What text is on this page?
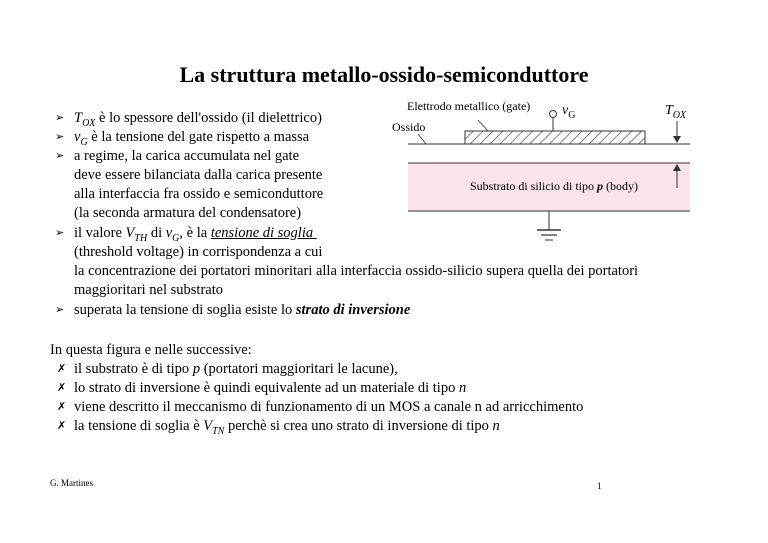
La struttura metallo-ossido-semiconduttore
➢ $T_{OX}$ è lo spessore dell'ossido (il dielettrico)
➢ $v_G$ è la tensione del gate rispetto a massa
➢ a regime, la carica accumulata nel gate
deve essere bilanciata dalla carica presente
alla interfaccia fra ossido e semiconduttore
(la seconda armatura del condensatore)
➢ il valore $V_{TH}$ di $v_G$, è la tensione di soglia
(threshold voltage) in corrispondenza a cui
la concentrazione dei portatori minoritari alla interfaccia ossido-silicio supera quella dei portatori
maggioritari nel substrato
➢ superata la tensione di soglia esiste lo strato di inversione
In questa figura e nelle successive:
✗ il substrato è di tipo p (portatori maggioritari le lacune),
✗ lo strato di inversione è quindi equivalente ad un materiale di tipo n
✗ viene descritto il meccanismo di funzionamento di un MOS a canale n ad arricchimento
✗ la tensione di soglia è $V_{TN}$ perchè si crea uno strato di inversione di tipo n
Elettrodo metallico (gate)
Ossido
$v_G$	$T_{OX}$
Substrato di silicio di tipo p (body)
G. Martines	1
